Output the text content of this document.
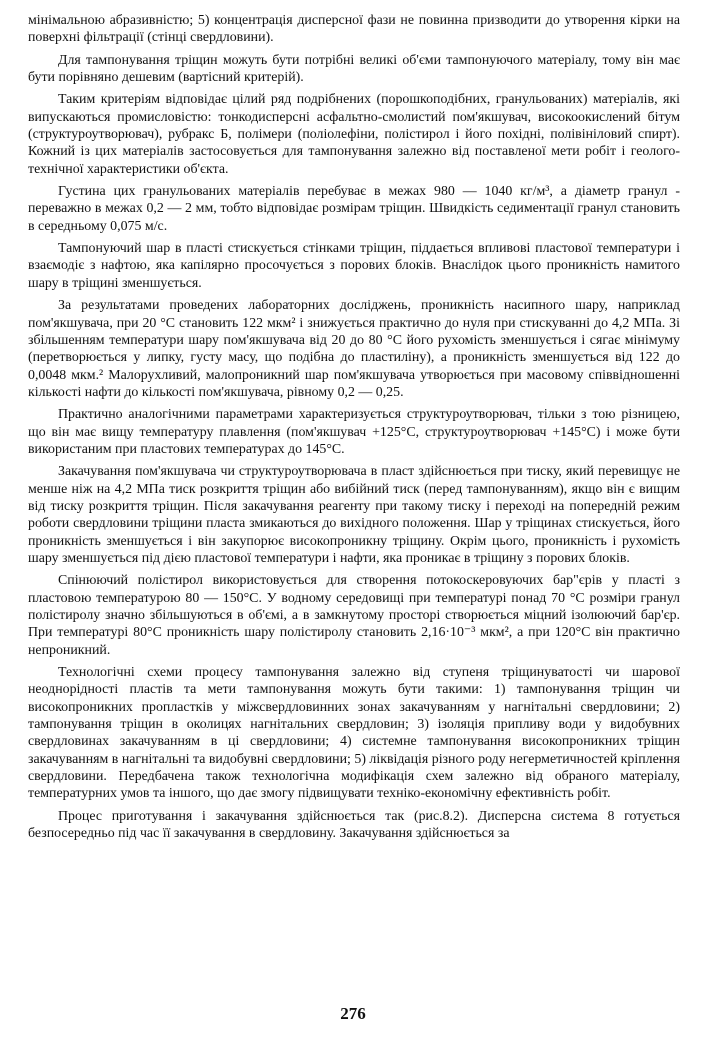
мінімальною абразивністю; 5) концентрація дисперсної фази не повинна призводити до утворення кірки на поверхні фільтрації (стінці свердловини).

Для тампонування тріщин можуть бути потрібні великі об'єми тампонуючого матеріалу, тому він має бути порівняно дешевим (вартісний критерій).

Таким критеріям відповідає цілий ряд подрібнених (порошкоподібних, гранульованих) матеріалів, які випускаються промисловістю: тонкодисперсні асфальтно-смолистий пом'якшувач, високоокислений бітум (структуроутворювач), рубракс Б, полімери (поліолефіни, полістирол і його похідні, полівініловий спирт). Кожний із цих матеріалів застосовується для тампонування залежно від поставленої мети робіт і геолого-технічної характеристики об'єкта.

Густина цих гранульованих матеріалів перебуває в межах 980 — 1040 кг/м³, а діаметр гранул - переважно в межах 0,2 — 2 мм, тобто відповідає розмірам тріщин. Швидкість седиментації гранул становить в середньому 0,075 м/с.

Тампонуючий шар в пласті стискується стінками тріщин, піддається впливові пластової температури і взаємодіє з нафтою, яка капілярно просочується з порових блоків. Внаслідок цього проникність намитого шару в тріщині зменшується.

За результатами проведених лабораторних досліджень, проникність насипного шару, наприклад пом'якшувача, при 20 °С становить 122 мкм² і знижується практично до нуля при стискуванні до 4,2 МПа. Зі збільшенням температури шару пом'якшувача від 20 до 80 °С його рухомість зменшується і сягає мінімуму (перетворюється у липку, густу масу, що подібна до пластиліну), а проникність зменшується від 122 до 0,0048 мкм.² Малорухливий, малопроникний шар пом'якшувача утворюється при масовому співвідношенні кількості нафти до кількості пом'якшувача, рівному 0,2 — 0,25.

Практично аналогічними параметрами характеризується структуроутворювач, тільки з тою різницею, що він має вищу температуру плавлення (пом'якшувач +125°С, структуроутворювач +145°С) і може бути використаним при пластових температурах до 145°С.

Закачування пом'якшувача чи структуроутворювача в пласт здійснюється при тиску, який перевищує не менше ніж на 4,2 МПа тиск розкриття тріщин або вибійний тиск (перед тампонуванням), якщо він є вищим від тиску розкриття тріщин. Після закачування реагенту при такому тиску і переході на попередній режим роботи свердловини тріщини пласта змикаються до вихідного положення. Шар у тріщинах стискується, його проникність зменшується і він закупорює високопроникну тріщину. Окрім цього, проникність і рухомість шару зменшується під дією пластової температури і нафти, яка проникає в тріщину з порових блоків.

Спінюючий полістирол використовується для створення потокоскеровуючих бар"єрів у пласті з пластовою температурою 80 — 150°С. У водному середовищі при температурі понад 70 °С розміри гранул полістиролу значно збільшуються в об'ємі, а в замкнутому просторі створюється міцний ізолюючий бар'єр. При температурі 80°С проникність шару полістиролу становить 2,16·10⁻³ мкм², а при 120°С він практично непроникний.

Технологічні схеми процесу тампонування залежно від ступеня тріщинуватості чи шарової неоднорідності пластів та мети тампонування можуть бути такими: 1) тампонування тріщин чи високопроникних пропластків у міжсвердловинних зонах закачуванням у нагнітальні свердловини; 2) тампонування тріщин в околицях нагнітальних свердловин; 3) ізоляція припливу води у видобувних свердловинах закачуванням в ці свердловини; 4) системне тампонування високопроникних тріщин закачуванням в нагнітальні та видобувні свердловини; 5) ліквідація різного роду негерметичностей кріплення свердловини. Передбачена також технологічна модифікація схем залежно від обраного матеріалу, температурних умов та іншого, що дає змогу підвищувати техніко-економічну ефективність робіт.

Процес приготування і закачування здійснюється так (рис.8.2). Дисперсна система 8 готується безпосередньо під час її закачування в свердловину. Закачування здійснюється за

276
